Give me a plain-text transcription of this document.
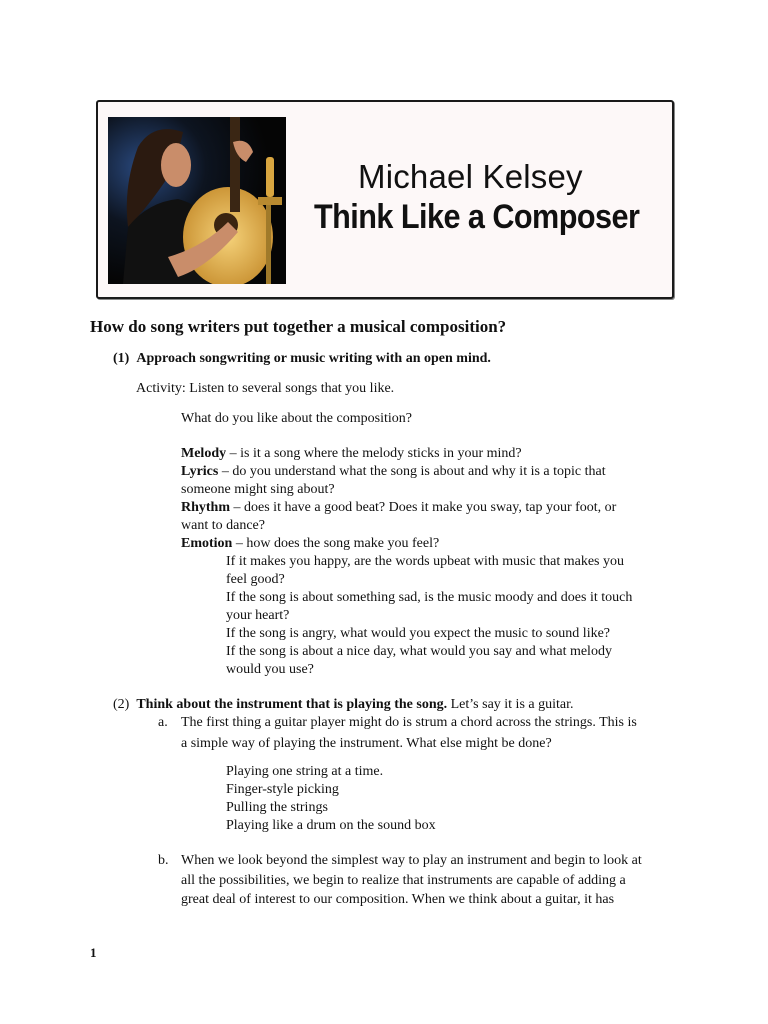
Michael Kelsey
Think Like a Composer
How do song writers put together a musical composition?
(1) Approach songwriting or music writing with an open mind.
Activity: Listen to several songs that you like.
What do you like about the composition?
Melody – is it a song where the melody sticks in your mind?
Lyrics – do you understand what the song is about and why it is a topic that
someone might sing about?
Rhythm – does it have a good beat? Does it make you sway, tap your foot, or
want to dance?
Emotion – how does the song make you feel?
If it makes you happy, are the words upbeat with music that makes you
feel good?
If the song is about something sad, is the music moody and does it touch
your heart?
If the song is angry, what would you expect the music to sound like?
If the song is about a nice day, what would you say and what melody
would you use?
(2) Think about the instrument that is playing the song. Let’s say it is a guitar.
a. The first thing a guitar player might do is strum a chord across the strings. This is
a simple way of playing the instrument. What else might be done?
Playing one string at a time.
Finger-style picking
Pulling the strings
Playing like a drum on the sound box
b. When we look beyond the simplest way to play an instrument and begin to look at
all the possibilities, we begin to realize that instruments are capable of adding a
great deal of interest to our composition. When we think about a guitar, it has
1
